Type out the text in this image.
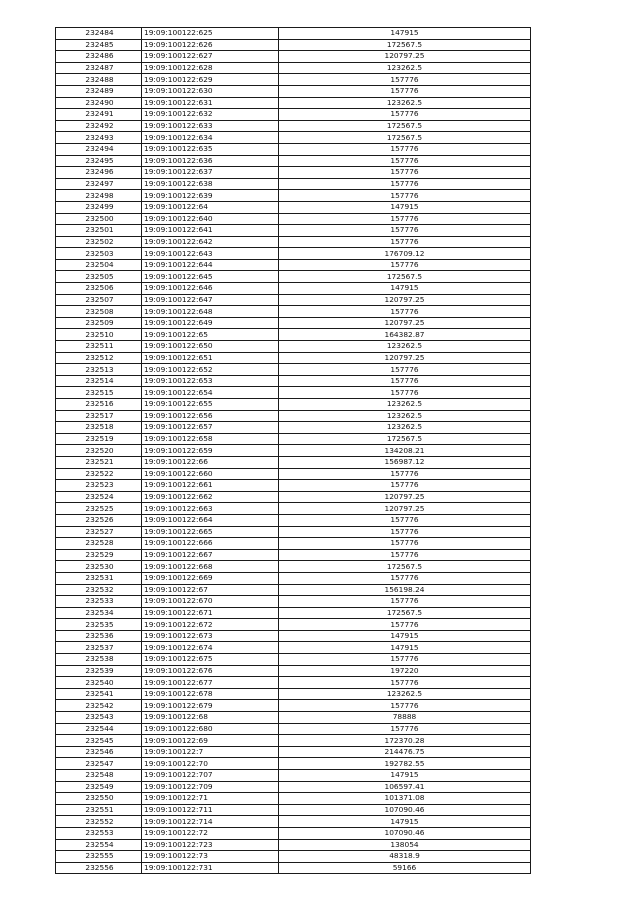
232484	19:09:100122:625	147915
232485	19:09:100122:626	172567.5
232486	19:09:100122:627	120797.25
232487	19:09:100122:628	123262.5
232488	19:09:100122:629	157776
232489	19:09:100122:630	157776
232490	19:09:100122:631	123262.5
232491	19:09:100122:632	157776
232492	19:09:100122:633	172567.5
232493	19:09:100122:634	172567.5
232494	19:09:100122:635	157776
232495	19:09:100122:636	157776
232496	19:09:100122:637	157776
232497	19:09:100122:638	157776
232498	19:09:100122:639	157776
232499	19:09:100122:64	147915
232500	19:09:100122:640	157776
232501	19:09:100122:641	157776
232502	19:09:100122:642	157776
232503	19:09:100122:643	176709.12
232504	19:09:100122:644	157776
232505	19:09:100122:645	172567.5
232506	19:09:100122:646	147915
232507	19:09:100122:647	120797.25
232508	19:09:100122:648	157776
232509	19:09:100122:649	120797.25
232510	19:09:100122:65	164382.87
232511	19:09:100122:650	123262.5
232512	19:09:100122:651	120797.25
232513	19:09:100122:652	157776
232514	19:09:100122:653	157776
232515	19:09:100122:654	157776
232516	19:09:100122:655	123262.5
232517	19:09:100122:656	123262.5
232518	19:09:100122:657	123262.5
232519	19:09:100122:658	172567.5
232520	19:09:100122:659	134208.21
232521	19:09:100122:66	156987.12
232522	19:09:100122:660	157776
232523	19:09:100122:661	157776
232524	19:09:100122:662	120797.25
232525	19:09:100122:663	120797.25
232526	19:09:100122:664	157776
232527	19:09:100122:665	157776
232528	19:09:100122:666	157776
232529	19:09:100122:667	157776
232530	19:09:100122:668	172567.5
232531	19:09:100122:669	157776
232532	19:09:100122:67	156198.24
232533	19:09:100122:670	157776
232534	19:09:100122:671	172567.5
232535	19:09:100122:672	157776
232536	19:09:100122:673	147915
232537	19:09:100122:674	147915
232538	19:09:100122:675	157776
232539	19:09:100122:676	197220
232540	19:09:100122:677	157776
232541	19:09:100122:678	123262.5
232542	19:09:100122:679	157776
232543	19:09:100122:68	78888
232544	19:09:100122:680	157776
232545	19:09:100122:69	172370.28
232546	19:09:100122:7	214476.75
232547	19:09:100122:70	192782.55
232548	19:09:100122:707	147915
232549	19:09:100122:709	106597.41
232550	19:09:100122:71	101371.08
232551	19:09:100122:711	107090.46
232552	19:09:100122:714	147915
232553	19:09:100122:72	107090.46
232554	19:09:100122:723	138054
232555	19:09:100122:73	48318.9
232556	19:09:100122:731	59166
